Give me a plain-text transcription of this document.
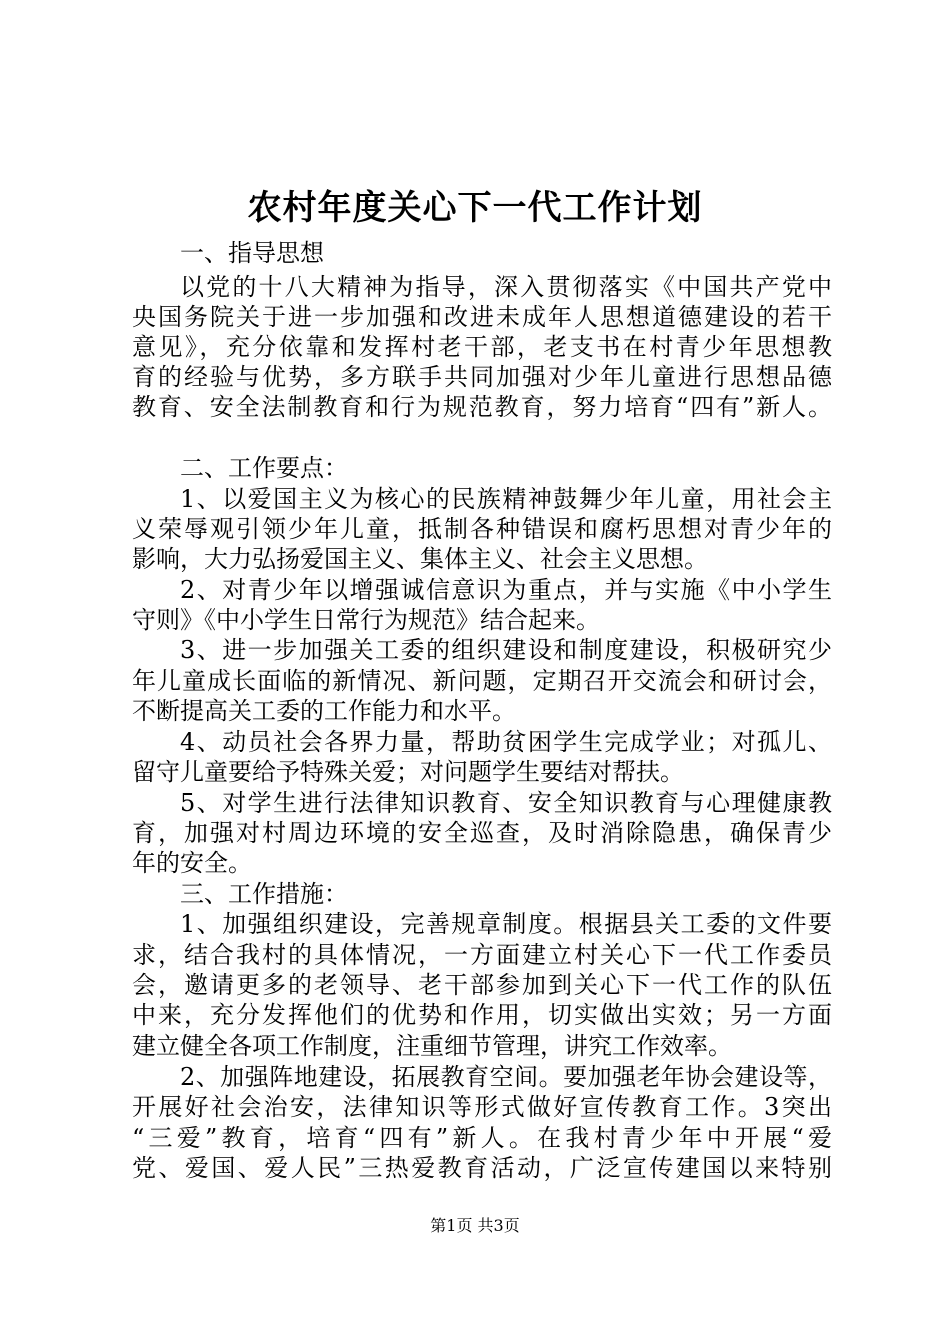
农村年度关心下一代工作计划
一、指导思想
以党的十八大精神为指导，深入贯彻落实《中国共产党中
央国务院关于进一步加强和改进未成年人思想道德建设的若干
意见》，充分依靠和发挥村老干部，老支书在村青少年思想教
育的经验与优势，多方联手共同加强对少年儿童进行思想品德
教育、安全法制教育和行为规范教育，努力培育“四有”新人。
二、工作要点：
1、以爱国主义为核心的民族精神鼓舞少年儿童，用社会主
义荣辱观引领少年儿童，抵制各种错误和腐朽思想对青少年的
影响，大力弘扬爱国主义、集体主义、社会主义思想。
2、对青少年以增强诚信意识为重点，并与实施《中小学生
守则》《中小学生日常行为规范》结合起来。
3、进一步加强关工委的组织建设和制度建设，积极研究少
年儿童成长面临的新情况、新问题，定期召开交流会和研讨会，
不断提高关工委的工作能力和水平。
4、动员社会各界力量，帮助贫困学生完成学业；对孤儿、
留守儿童要给予特殊关爱；对问题学生要结对帮扶。
5、对学生进行法律知识教育、安全知识教育与心理健康教
育，加强对村周边环境的安全巡查，及时消除隐患，确保青少
年的安全。
三、工作措施：
1、加强组织建设，完善规章制度。根据县关工委的文件要
求，结合我村的具体情况，一方面建立村关心下一代工作委员
会，邀请更多的老领导、老干部参加到关心下一代工作的队伍
中来，充分发挥他们的优势和作用，切实做出实效；另一方面
建立健全各项工作制度，注重细节管理，讲究工作效率。
2、加强阵地建设，拓展教育空间。要加强老年协会建设等，
开展好社会治安，法律知识等形式做好宣传教育工作。3突出
“三爱”教育，培育“四有”新人。在我村青少年中开展“爱
党、爱国、爱人民”三热爱教育活动，广泛宣传建国以来特别
第1页 共3页
